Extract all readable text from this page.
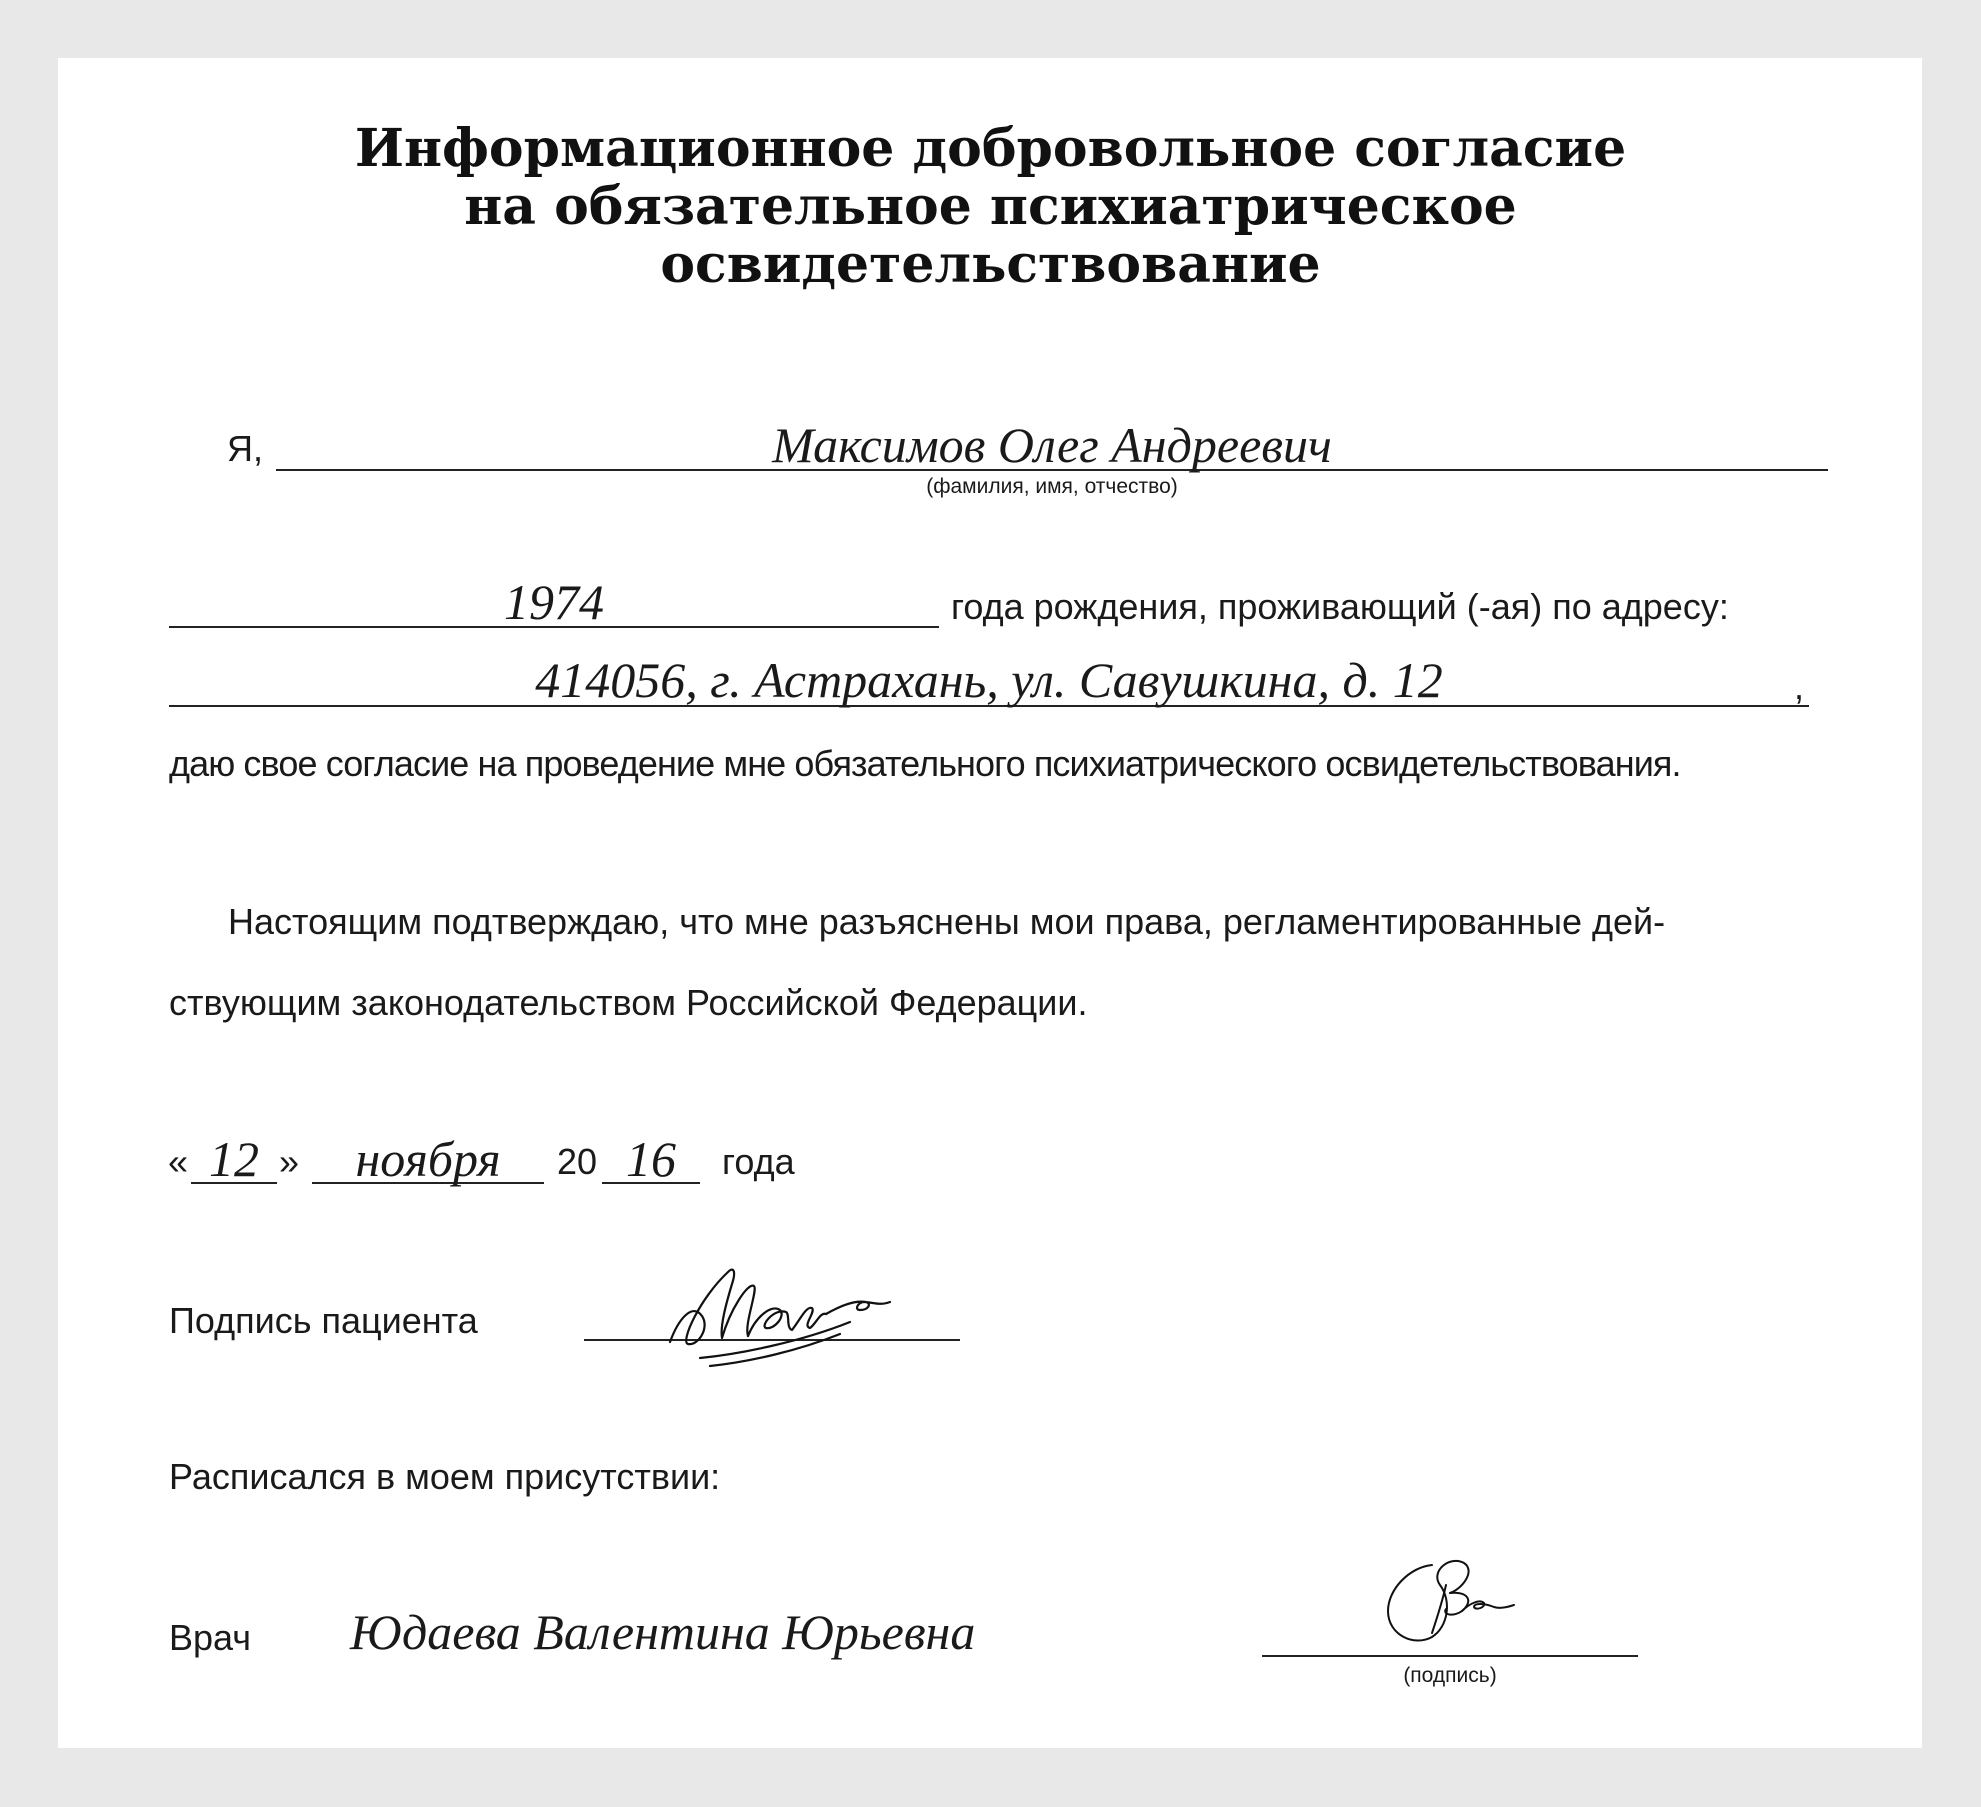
Информационное добровольное согласие
на обязательное психиатрическое
освидетельствование
Я,	Максимов Олег Андреевич
(фамилия, имя, отчество)
1974	года рождения, проживающий (-ая) по адресу:
414056, г. Астрахань, ул. Савушкина, д. 12	,
даю свое согласие на проведение мне обязательного психиатрического освидетельствования.
Настоящим подтверждаю, что мне разъяснены мои права, регламентированные дей-
ствующим законодательством Российской Федерации.
« 12 »	ноября	20 16	года
Подпись пациента
Расписался в моем присутствии:
Врач Юдаева Валентина Юрьевна
(подпись)
